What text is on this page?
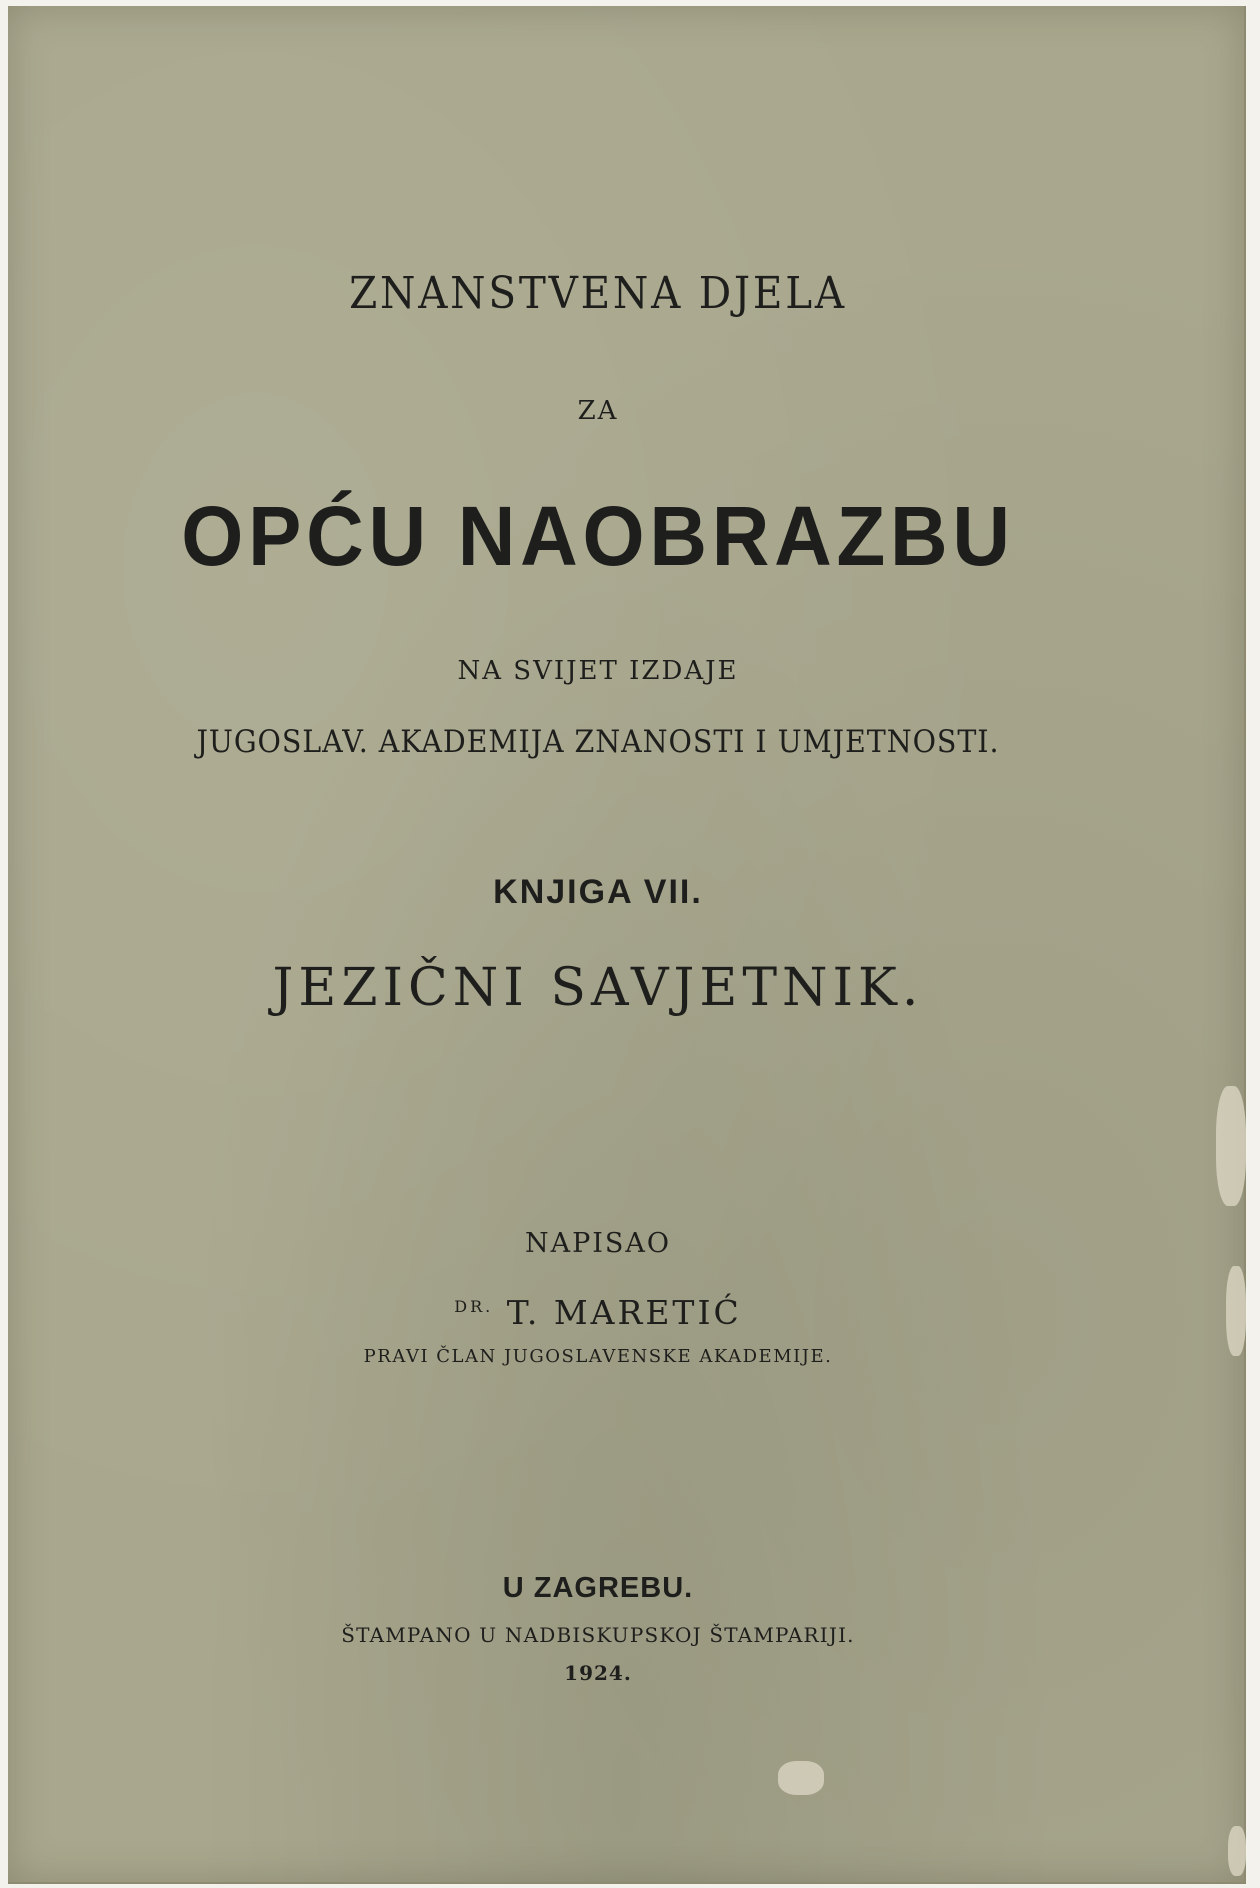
ZNANSTVENA DJELA
ZA
OPĆU NAOBRAZBU
NA SVIJET IZDAJE
JUGOSLAV. AKADEMIJA ZNANOSTI I UMJETNOSTI.
KNJIGA VII.
JEZIČNI SAVJETNIK.
NAPISAO
$^{DR.}$ T. MARETIĆ
PRAVI ČLAN JUGOSLAVENSKE AKADEMIJE.
U ZAGREBU.
ŠTAMPANO U NADBISKUPSKOJ ŠTAMPARIJI.
1924.
